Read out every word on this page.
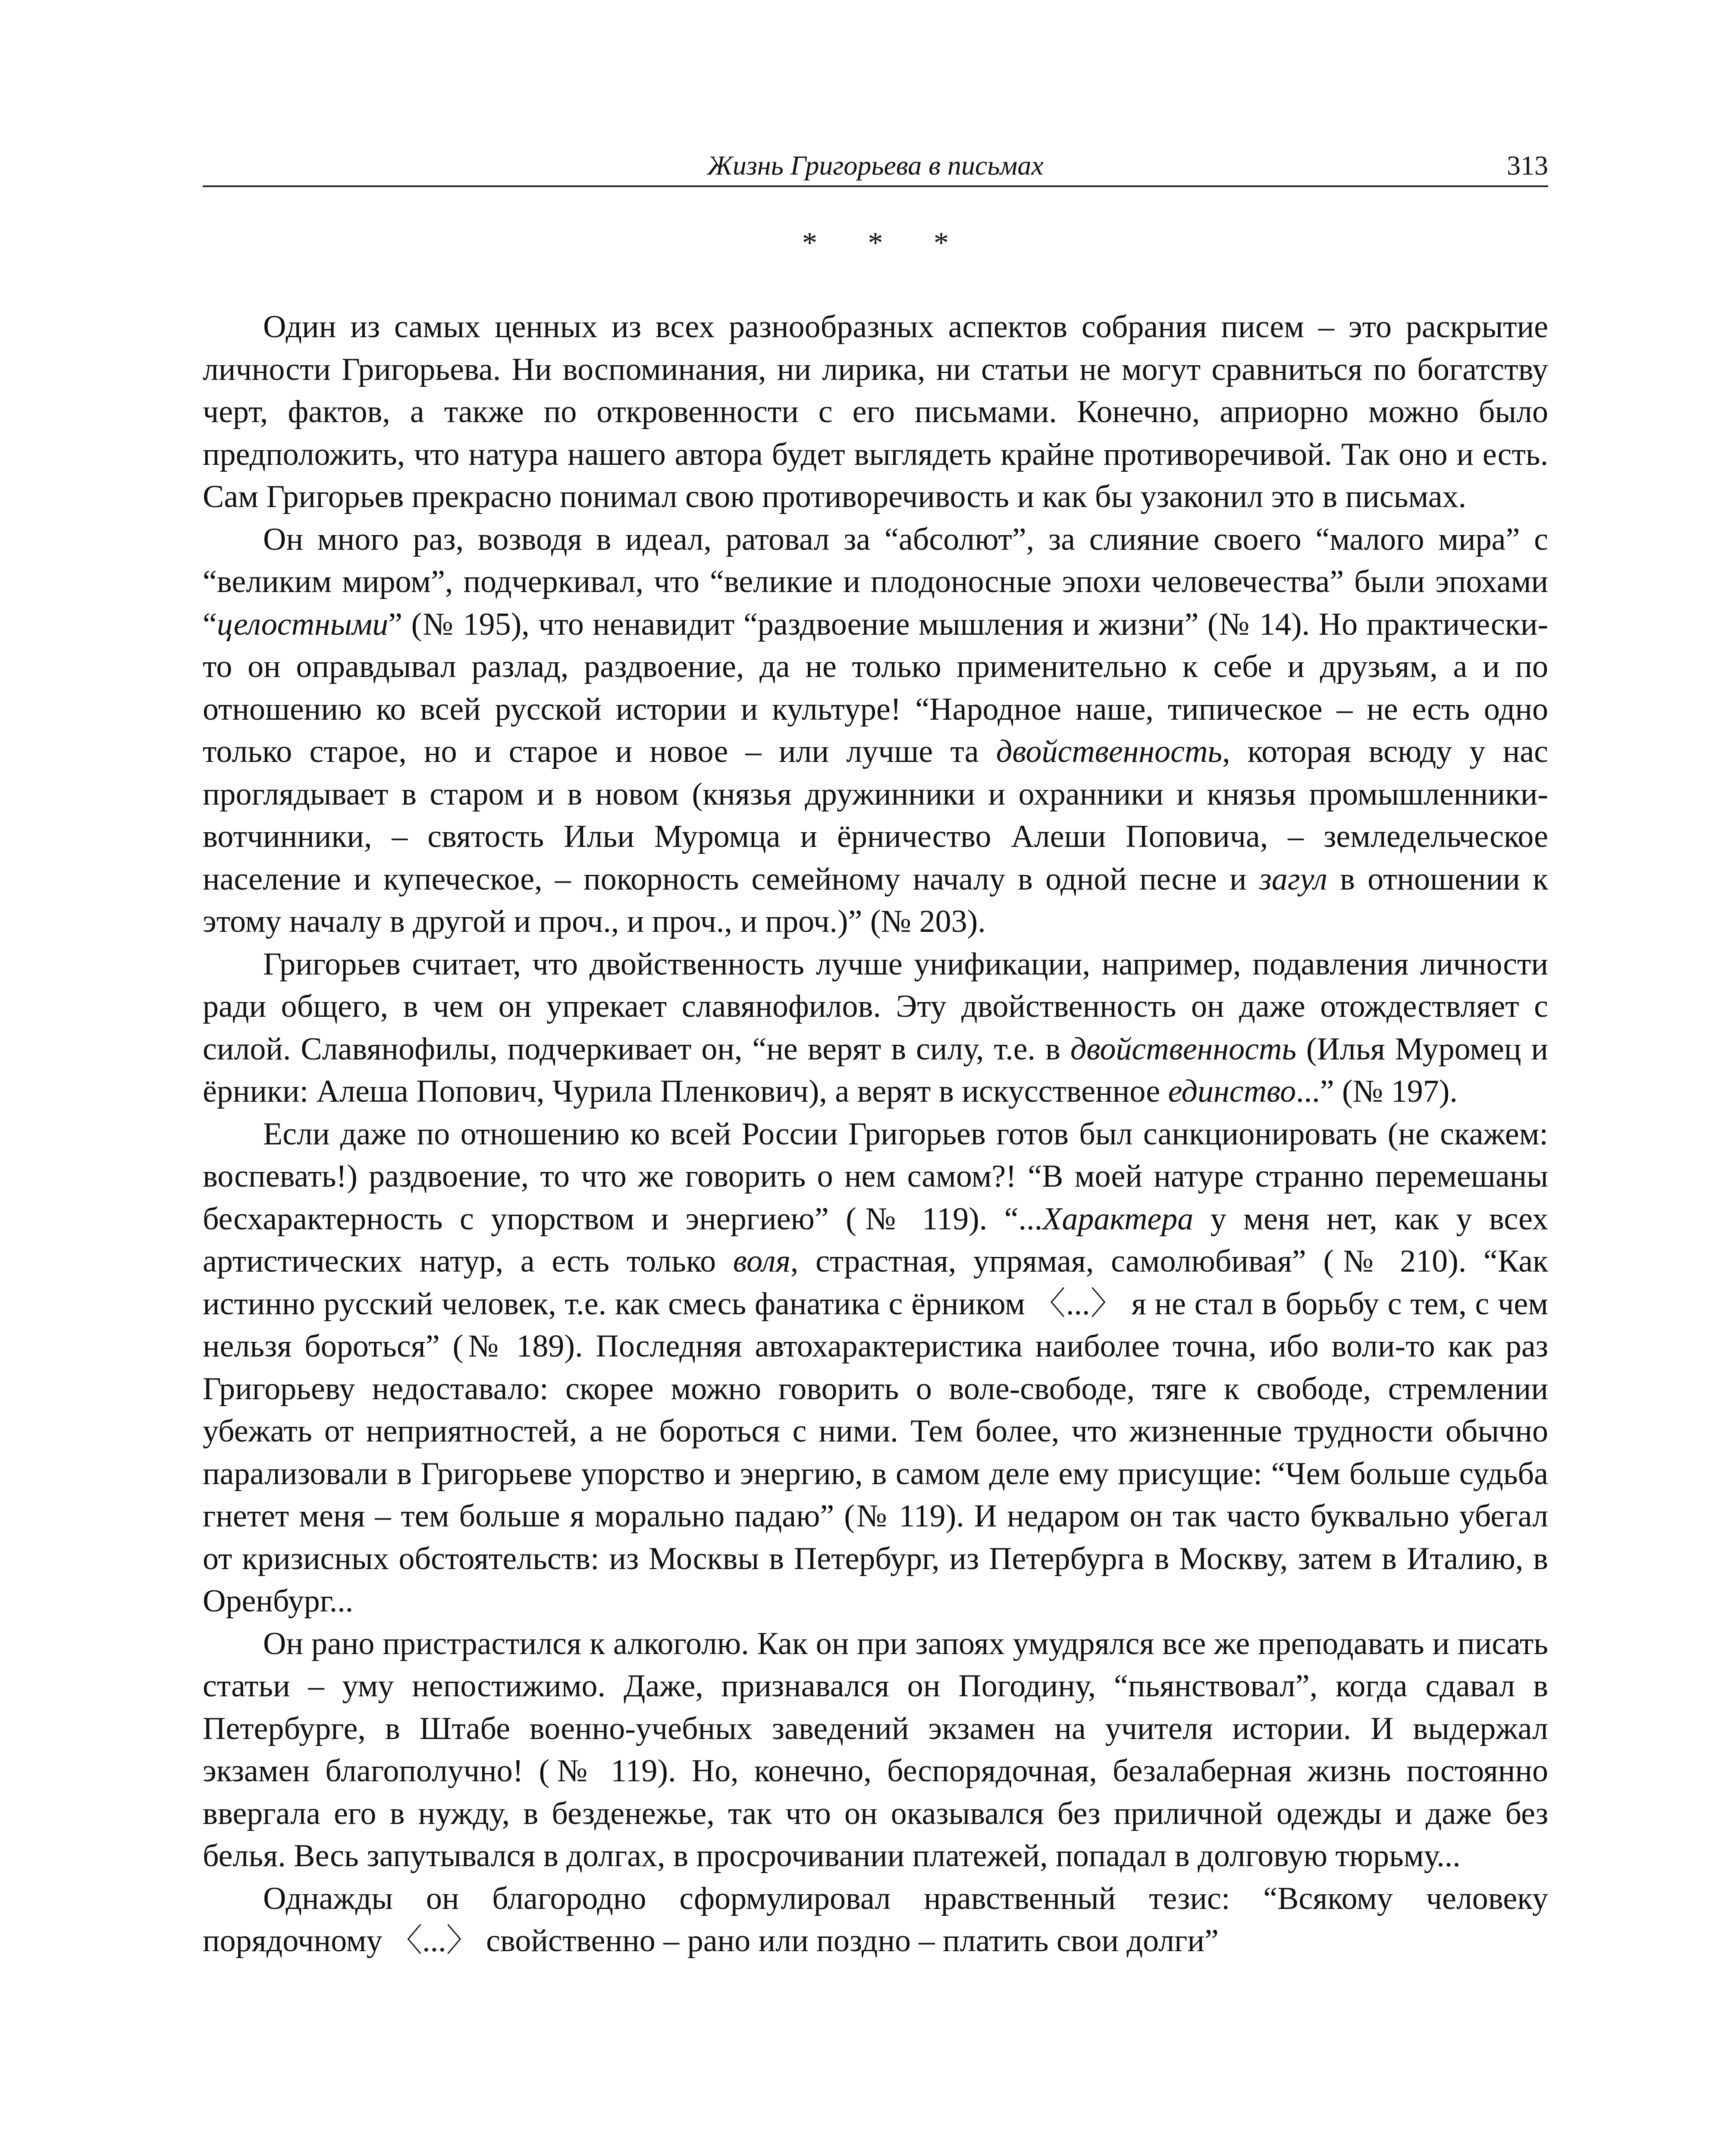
Жизнь Григорьева в письмах	313
* * *

Один из самых ценных из всех разнообразных аспектов собрания писем – это раскрытие личности Григорьева. Ни воспоминания, ни лирика, ни статьи не могут сравниться по богатству черт, фактов, а также по откровенности с его письмами. Конечно, априорно можно было предположить, что натура нашего автора будет выглядеть крайне противоречивой. Так оно и есть. Сам Григорьев прекрасно понимал свою противоречивость и как бы узаконил это в письмах.

Он много раз, возводя в идеал, ратовал за “абсолют”, за слияние своего “малого мира” с “великим миром”, подчеркивал, что “великие и плодоносные эпохи человечества” были эпохами “целостными” (№ 195), что ненавидит “раздвоение мышления и жизни” (№ 14). Но практически-то он оправдывал разлад, раздвоение, да не только применительно к себе и друзьям, а и по отношению ко всей русской истории и культуре! “Народное наше, типическое – не есть одно только старое, но и старое и новое – или лучше та двойственность, которая всюду у нас проглядывает в старом и в новом (князья дружинники и охранники и князья промышленники-вотчинники, – святость Ильи Муромца и ёрничество Алеши Поповича, – земледельческое население и купеческое, – покорность семейному началу в одной песне и загул в отношении к этому началу в другой и проч., и проч., и проч.)” (№ 203).

Григорьев считает, что двойственность лучше унификации, например, подавления личности ради общего, в чем он упрекает славянофилов. Эту двойственность он даже отождествляет с силой. Славянофилы, подчеркивает он, “не верят в силу, т.е. в двойственность (Илья Муромец и ёрники: Алеша Попович, Чурила Пленкович), а верят в искусственное единство...” (№ 197).

Если даже по отношению ко всей России Григорьев готов был санкционировать (не скажем: воспевать!) раздвоение, то что же говорить о нем самом?! “В моей натуре странно перемешаны бесхарактерность с упорством и энергиею” (№ 119). “...Характера у меня нет, как у всех артистических натур, а есть только воля, страстная, упрямая, самолюбивая” (№ 210). “Как истинно русский человек, т.е. как смесь фанатика с ёрником 〈...〉 я не стал в борьбу с тем, с чем нельзя бороться” (№ 189). Последняя автохарактеристика наиболее точна, ибо воли-то как раз Григорьеву недоставало: скорее можно говорить о воле-свободе, тяге к свободе, стремлении убежать от неприятностей, а не бороться с ними. Тем более, что жизненные трудности обычно парализовали в Григорьеве упорство и энергию, в самом деле ему присущие: “Чем больше судьба гнетет меня – тем больше я морально падаю” (№ 119). И недаром он так часто буквально убегал от кризисных обстоятельств: из Москвы в Петербург, из Петербурга в Москву, затем в Италию, в Оренбург...

Он рано пристрастился к алкоголю. Как он при запоях умудрялся все же преподавать и писать статьи – уму непостижимо. Даже, признавался он Погодину, “пьянствовал”, когда сдавал в Петербурге, в Штабе военно-учебных заведений экзамен на учителя истории. И выдержал экзамен благополучно! (№ 119). Но, конечно, беспорядочная, безалаберная жизнь постоянно ввергала его в нужду, в безденежье, так что он оказывался без приличной одежды и даже без белья. Весь запутывался в долгах, в просрочивании платежей, попадал в долговую тюрьму...

Однажды он благородно сформулировал нравственный тезис: “Всякому человеку порядочному 〈...〉 свойственно – рано или поздно – платить свои долги”
